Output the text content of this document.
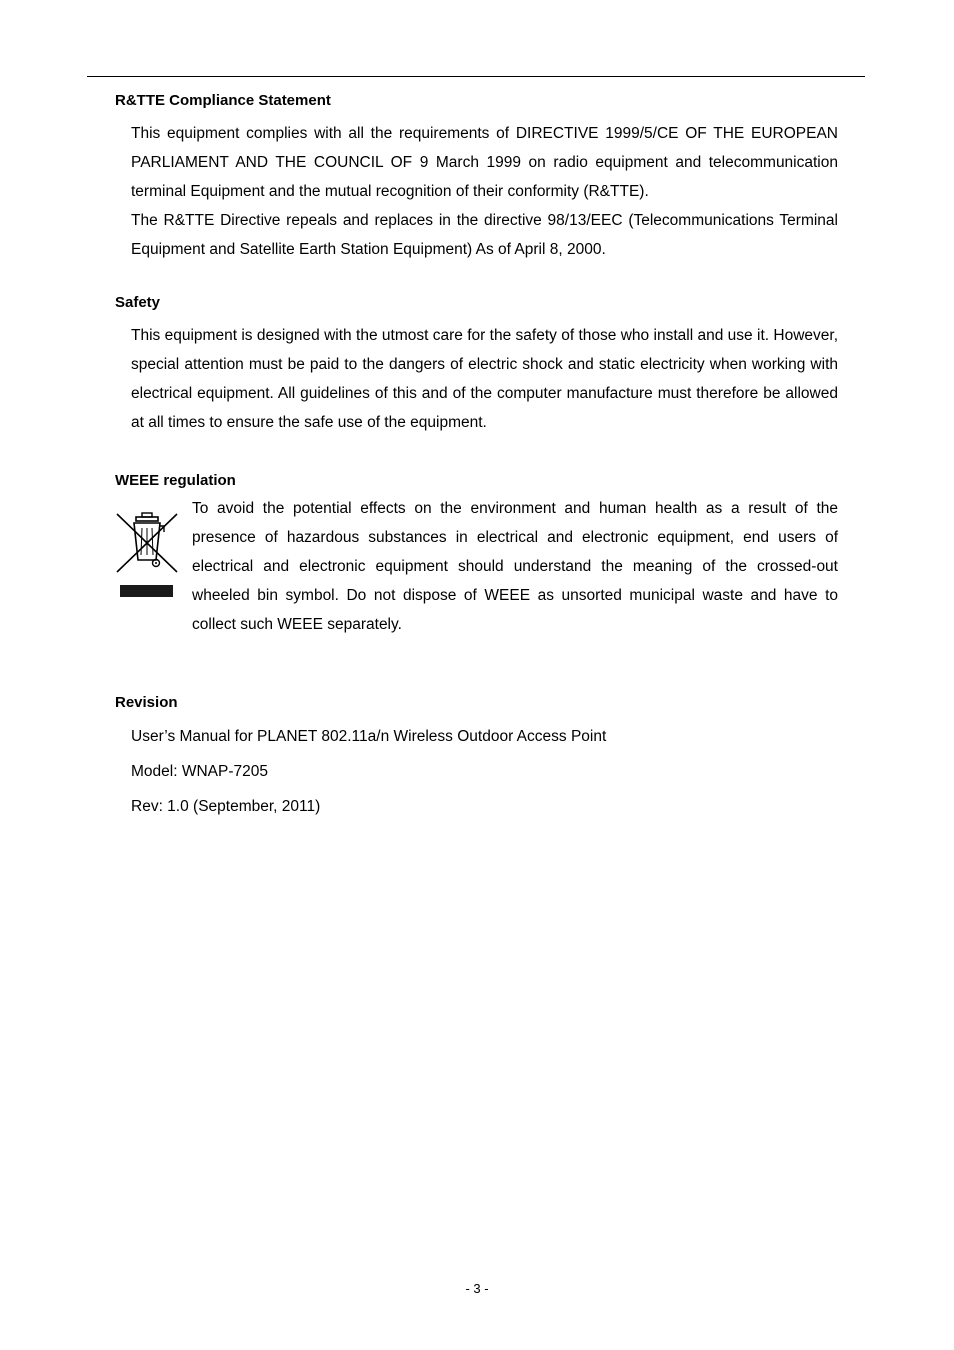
R&TTE Compliance Statement

This equipment complies with all the requirements of DIRECTIVE 1999/5/CE OF THE EUROPEAN PARLIAMENT AND THE COUNCIL OF 9 March 1999 on radio equipment and telecommunication terminal Equipment and the mutual recognition of their conformity (R&TTE).

The R&TTE Directive repeals and replaces in the directive 98/13/EEC (Telecommunications Terminal Equipment and Satellite Earth Station Equipment) As of April 8, 2000.

Safety

This equipment is designed with the utmost care for the safety of those who install and use it. However, special attention must be paid to the dangers of electric shock and static electricity when working with electrical equipment. All guidelines of this and of the computer manufacture must therefore be allowed at all times to ensure the safe use of the equipment.

WEEE regulation
To avoid the potential effects on the environment and human health as a result of the presence of hazardous substances in electrical and electronic equipment, end users of electrical and electronic equipment should understand the meaning of the crossed-out wheeled bin symbol. Do not dispose of WEEE as unsorted municipal waste and have to collect such WEEE separately.
Revision
User’s Manual for PLANET 802.11a/n Wireless Outdoor Access Point
Model: WNAP-7205
Rev: 1.0 (September, 2011)
- 3 -
